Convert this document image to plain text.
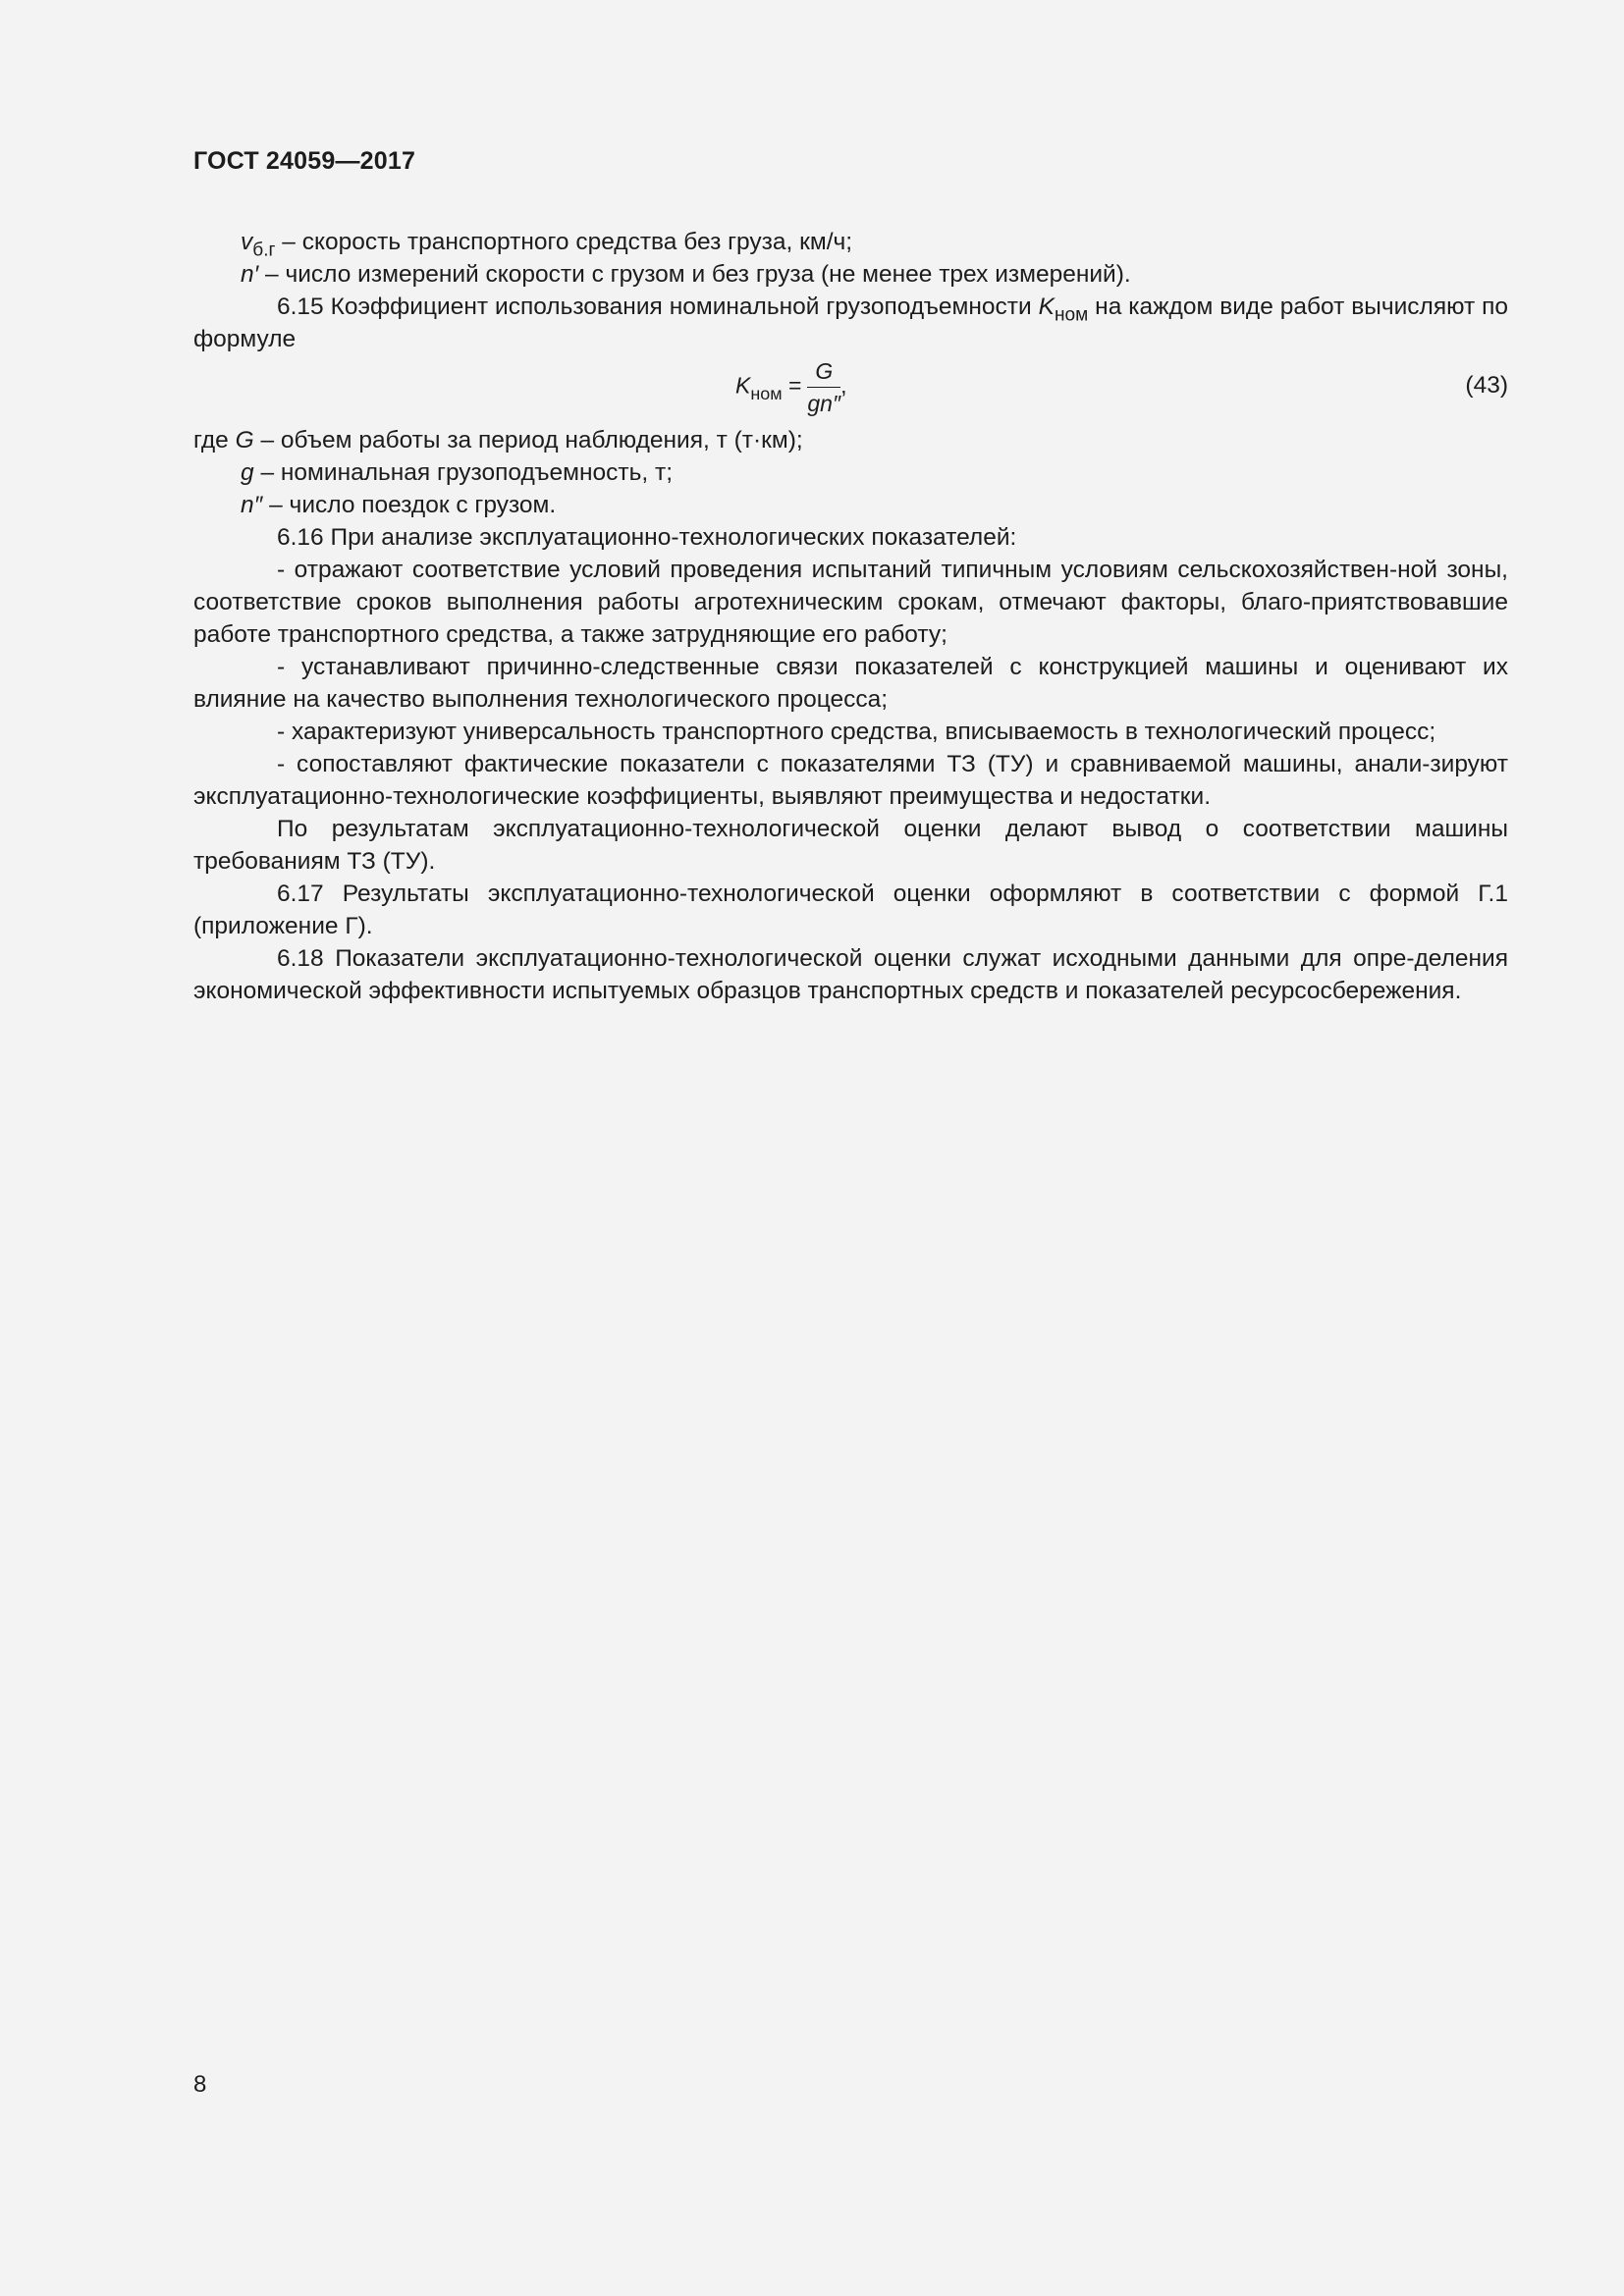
ГОСТ 24059—2017

$v_{б.г}$ – скорость транспортного средства без груза, км/ч;

n′ – число измерений скорости с грузом и без груза (не менее трех измерений).

6.15 Коэффициент использования номинальной грузоподъемности $K_{ном}$ на каждом виде работ вычисляют по формуле

$K_{ном} = \frac{G}{gn''}$ ,	(43)

где G – объем работы за период наблюдения, т (т·км);

g – номинальная грузоподъемность, т;

n″ – число поездок с грузом.

6.16 При анализе эксплуатационно-технологических показателей:

- отражают соответствие условий проведения испытаний типичным условиям сельскохозяйствен-ной зоны, соответствие сроков выполнения работы агротехническим срокам, отмечают факторы, благо-приятствовавшие работе транспортного средства, а также затрудняющие его работу;

- устанавливают причинно-следственные связи показателей с конструкцией машины и оценивают их влияние на качество выполнения технологического процесса;

- характеризуют универсальность транспортного средства, вписываемость в технологический процесс;

- сопоставляют фактические показатели с показателями ТЗ (ТУ) и сравниваемой машины, анали-зируют эксплуатационно-технологические коэффициенты, выявляют преимущества и недостатки.

По результатам эксплуатационно-технологической оценки делают вывод о соответствии машины требованиям ТЗ (ТУ).

6.17 Результаты эксплуатационно-технологической оценки оформляют в соответствии с формой Г.1 (приложение Г).

6.18 Показатели эксплуатационно-технологической оценки служат исходными данными для опре-деления экономической эффективности испытуемых образцов транспортных средств и показателей ресурсосбережения.

8
